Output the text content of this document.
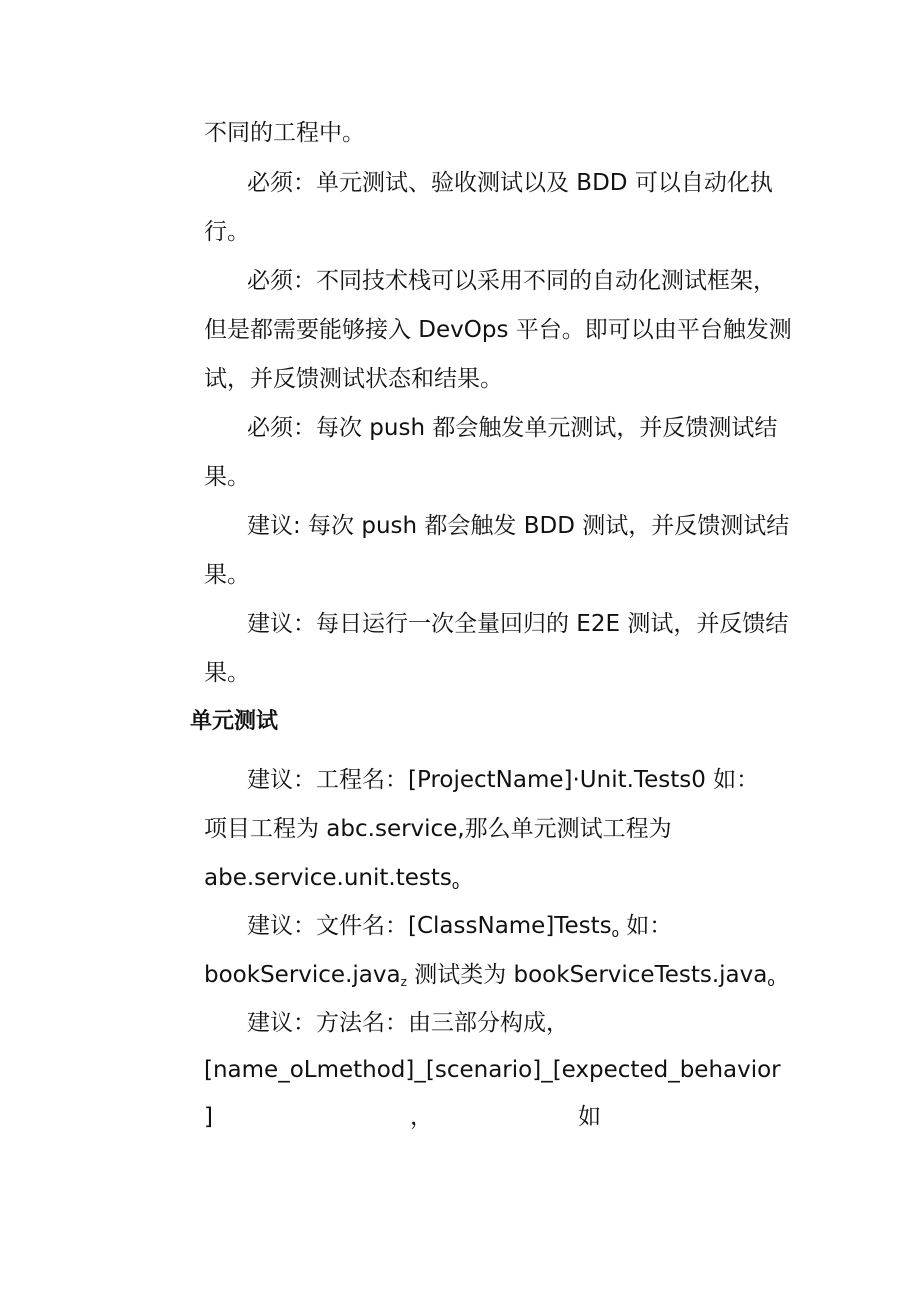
不同的工程中。
必须：单元测试、验收测试以及 BDD 可以自动化执
行。
必须：不同技术栈可以采用不同的自动化测试框架，
但是都需要能够接入 DevOps 平台。即可以由平台触发测
试，并反馈测试状态和结果。
必须：每次 push 都会触发单元测试，并反馈测试结
果。
建议: 每次 push 都会触发 BDD 测试，并反馈测试结
果。
建议：每日运行一次全量回归的 E2E 测试，并反馈结
果。
单元测试
建议：工程名：[ProjectName]·Unit.Tests0 如：
项目工程为 abc.service,那么单元测试工程为
abe.service.unit.tests$_o$
建议：文件名：[ClassName]Tests$_o$ 如：
bookService.java$_z$ 测试类为 bookServiceTests.java$_o$
建议：方法名：由三部分构成，
[name_oLmethod]_[scenario]_[expected_behavior
]	，	如
